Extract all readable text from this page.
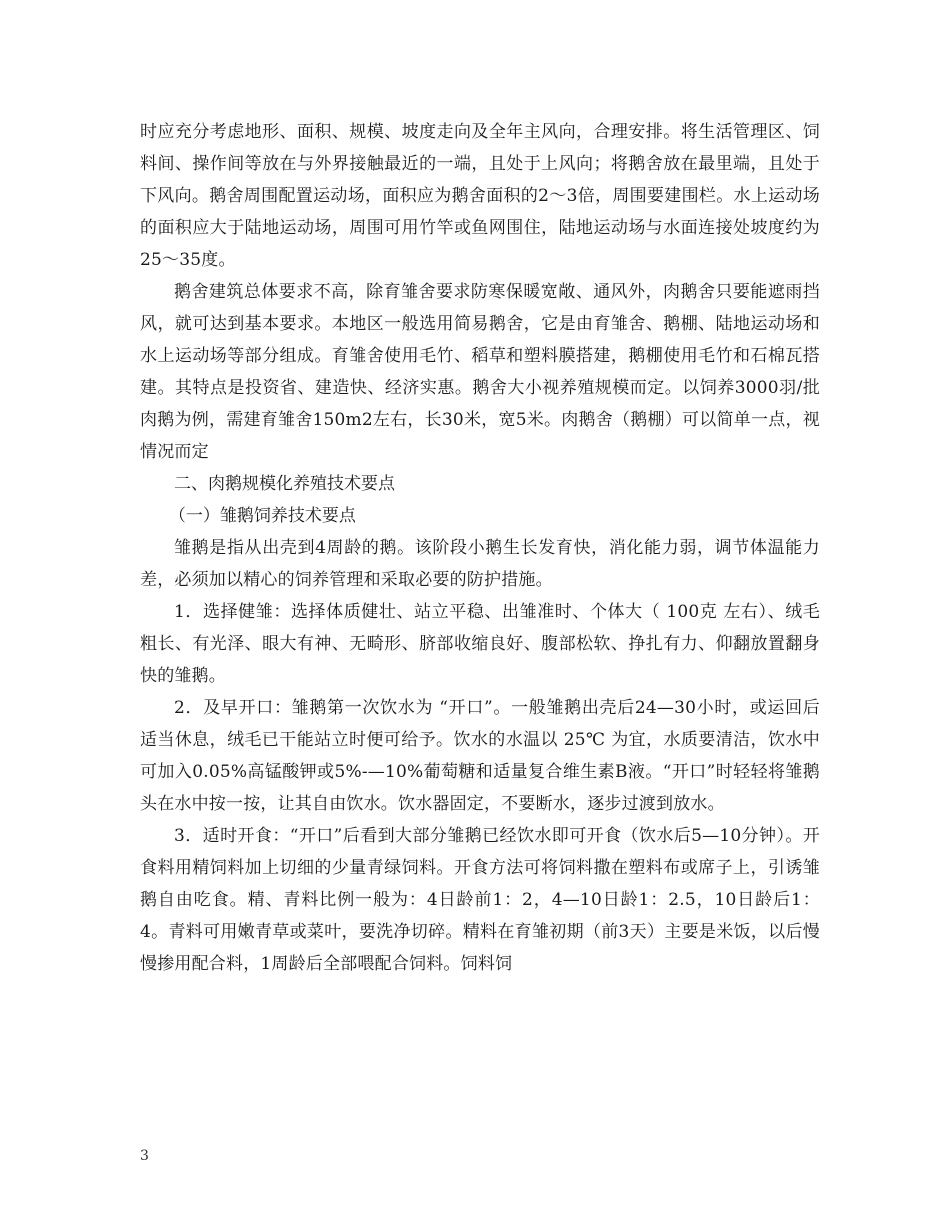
时应充分考虑地形、面积、规模、坡度走向及全年主风向，合理安排。将生活管理区、饲料间、操作间等放在与外界接触最近的一端，且处于上风向；将鹅舍放在最里端，且处于下风向。鹅舍周围配置运动场，面积应为鹅舍面积的2～3倍，周围要建围栏。水上运动场的面积应大于陆地运动场，周围可用竹竿或鱼网围住，陆地运动场与水面连接处坡度约为25～35度。

鹅舍建筑总体要求不高，除育雏舍要求防寒保暖宽敞、通风外，肉鹅舍只要能遮雨挡风，就可达到基本要求。本地区一般选用简易鹅舍，它是由育雏舍、鹅棚、陆地运动场和水上运动场等部分组成。育雏舍使用毛竹、稻草和塑料膜搭建，鹅棚使用毛竹和石棉瓦搭建。其特点是投资省、建造快、经济实惠。鹅舍大小视养殖规模而定。以饲养3000羽/批肉鹅为例，需建育雏舍150m2左右，长30米，宽5米。肉鹅舍（鹅棚）可以简单一点，视情况而定

二、肉鹅规模化养殖技术要点

（一）雏鹅饲养技术要点

雏鹅是指从出壳到4周龄的鹅。该阶段小鹅生长发育快，消化能力弱，调节体温能力差，必须加以精心的饲养管理和采取必要的防护措施。

1．选择健雏：选择体质健壮、站立平稳、出雏准时、个体大（ 100克 左右）、绒毛粗长、有光泽、眼大有神、无畸形、脐部收缩良好、腹部松软、挣扎有力、仰翻放置翻身快的雏鹅。

2．及早开口：雏鹅第一次饮水为 “开口”。一般雏鹅出壳后24—30小时，或运回后适当休息，绒毛已干能站立时便可给予。饮水的水温以 25℃ 为宜，水质要清洁，饮水中可加入0.05%高锰酸钾或5%-—10%葡萄糖和适量复合维生素B液。“开口”时轻轻将雏鹅头在水中按一按，让其自由饮水。饮水器固定，不要断水，逐步过渡到放水。

3．适时开食：“开口”后看到大部分雏鹅已经饮水即可开食（饮水后5—10分钟）。开食料用精饲料加上切细的少量青绿饲料。开食方法可将饲料撒在塑料布或席子上，引诱雏鹅自由吃食。精、青料比例一般为：4日龄前1：2，4—10日龄1：2.5，10日龄后1：4。青料可用嫩青草或菜叶，要洗净切碎。精料在育雏初期（前3天）主要是米饭，以后慢慢掺用配合料，1周龄后全部喂配合饲料。饲料饲

3
